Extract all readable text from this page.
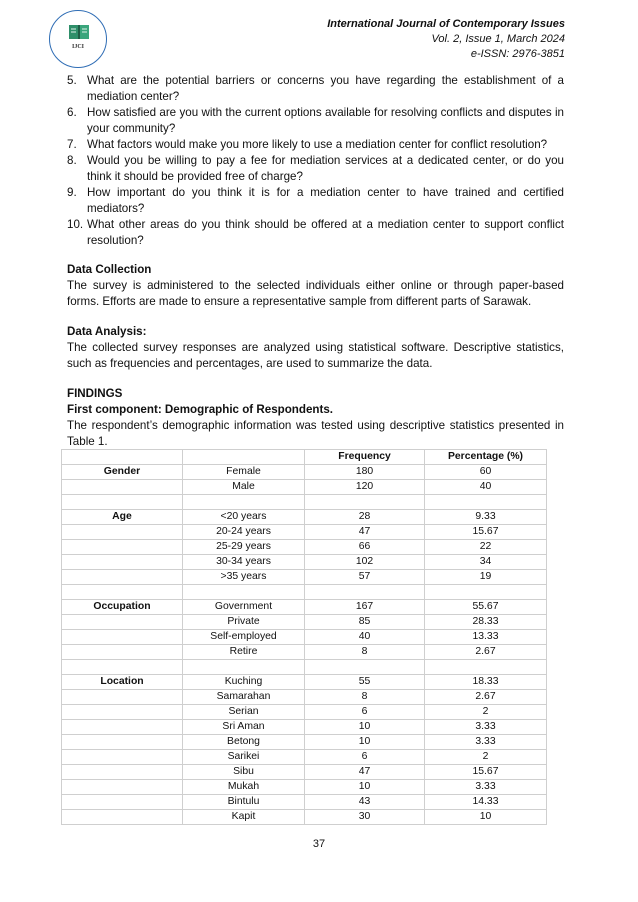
IJCI
International Journal of Contemporary Issues
Vol. 2, Issue 1, March 2024
e-ISSN: 2976-3851
5. What are the potential barriers or concerns you have regarding the establishment of a mediation center?
6. How satisfied are you with the current options available for resolving conflicts and disputes in your community?
7. What factors would make you more likely to use a mediation center for conflict resolution?
8. Would you be willing to pay a fee for mediation services at a dedicated center, or do you think it should be provided free of charge?
9. How important do you think it is for a mediation center to have trained and certified mediators?
10. What other areas do you think should be offered at a mediation center to support conflict resolution?
Data Collection

The survey is administered to the selected individuals either online or through paper-based forms. Efforts are made to ensure a representative sample from different parts of Sarawak.

Data Analysis:

The collected survey responses are analyzed using statistical software. Descriptive statistics, such as frequencies and percentages, are used to summarize the data.

FINDINGS
First component: Demographic of Respondents.

The respondent’s demographic information was tested using descriptive statistics presented in Table 1.

		Frequency	Percentage (%)
Gender	Female	180	60
	Male	120	40

Age	<20 years	28	9.33
	20-24 years	47	15.67
	25-29 years	66	22
	30-34 years	102	34
	>35 years	57	19

Occupation	Government	167	55.67
	Private	85	28.33
	Self-employed	40	13.33
	Retire	8	2.67

Location	Kuching	55	18.33
	Samarahan	8	2.67
	Serian	6	2
	Sri Aman	10	3.33
	Betong	10	3.33
	Sarikei	6	2
	Sibu	47	15.67
	Mukah	10	3.33
	Bintulu	43	14.33
	Kapit	30	10
37
